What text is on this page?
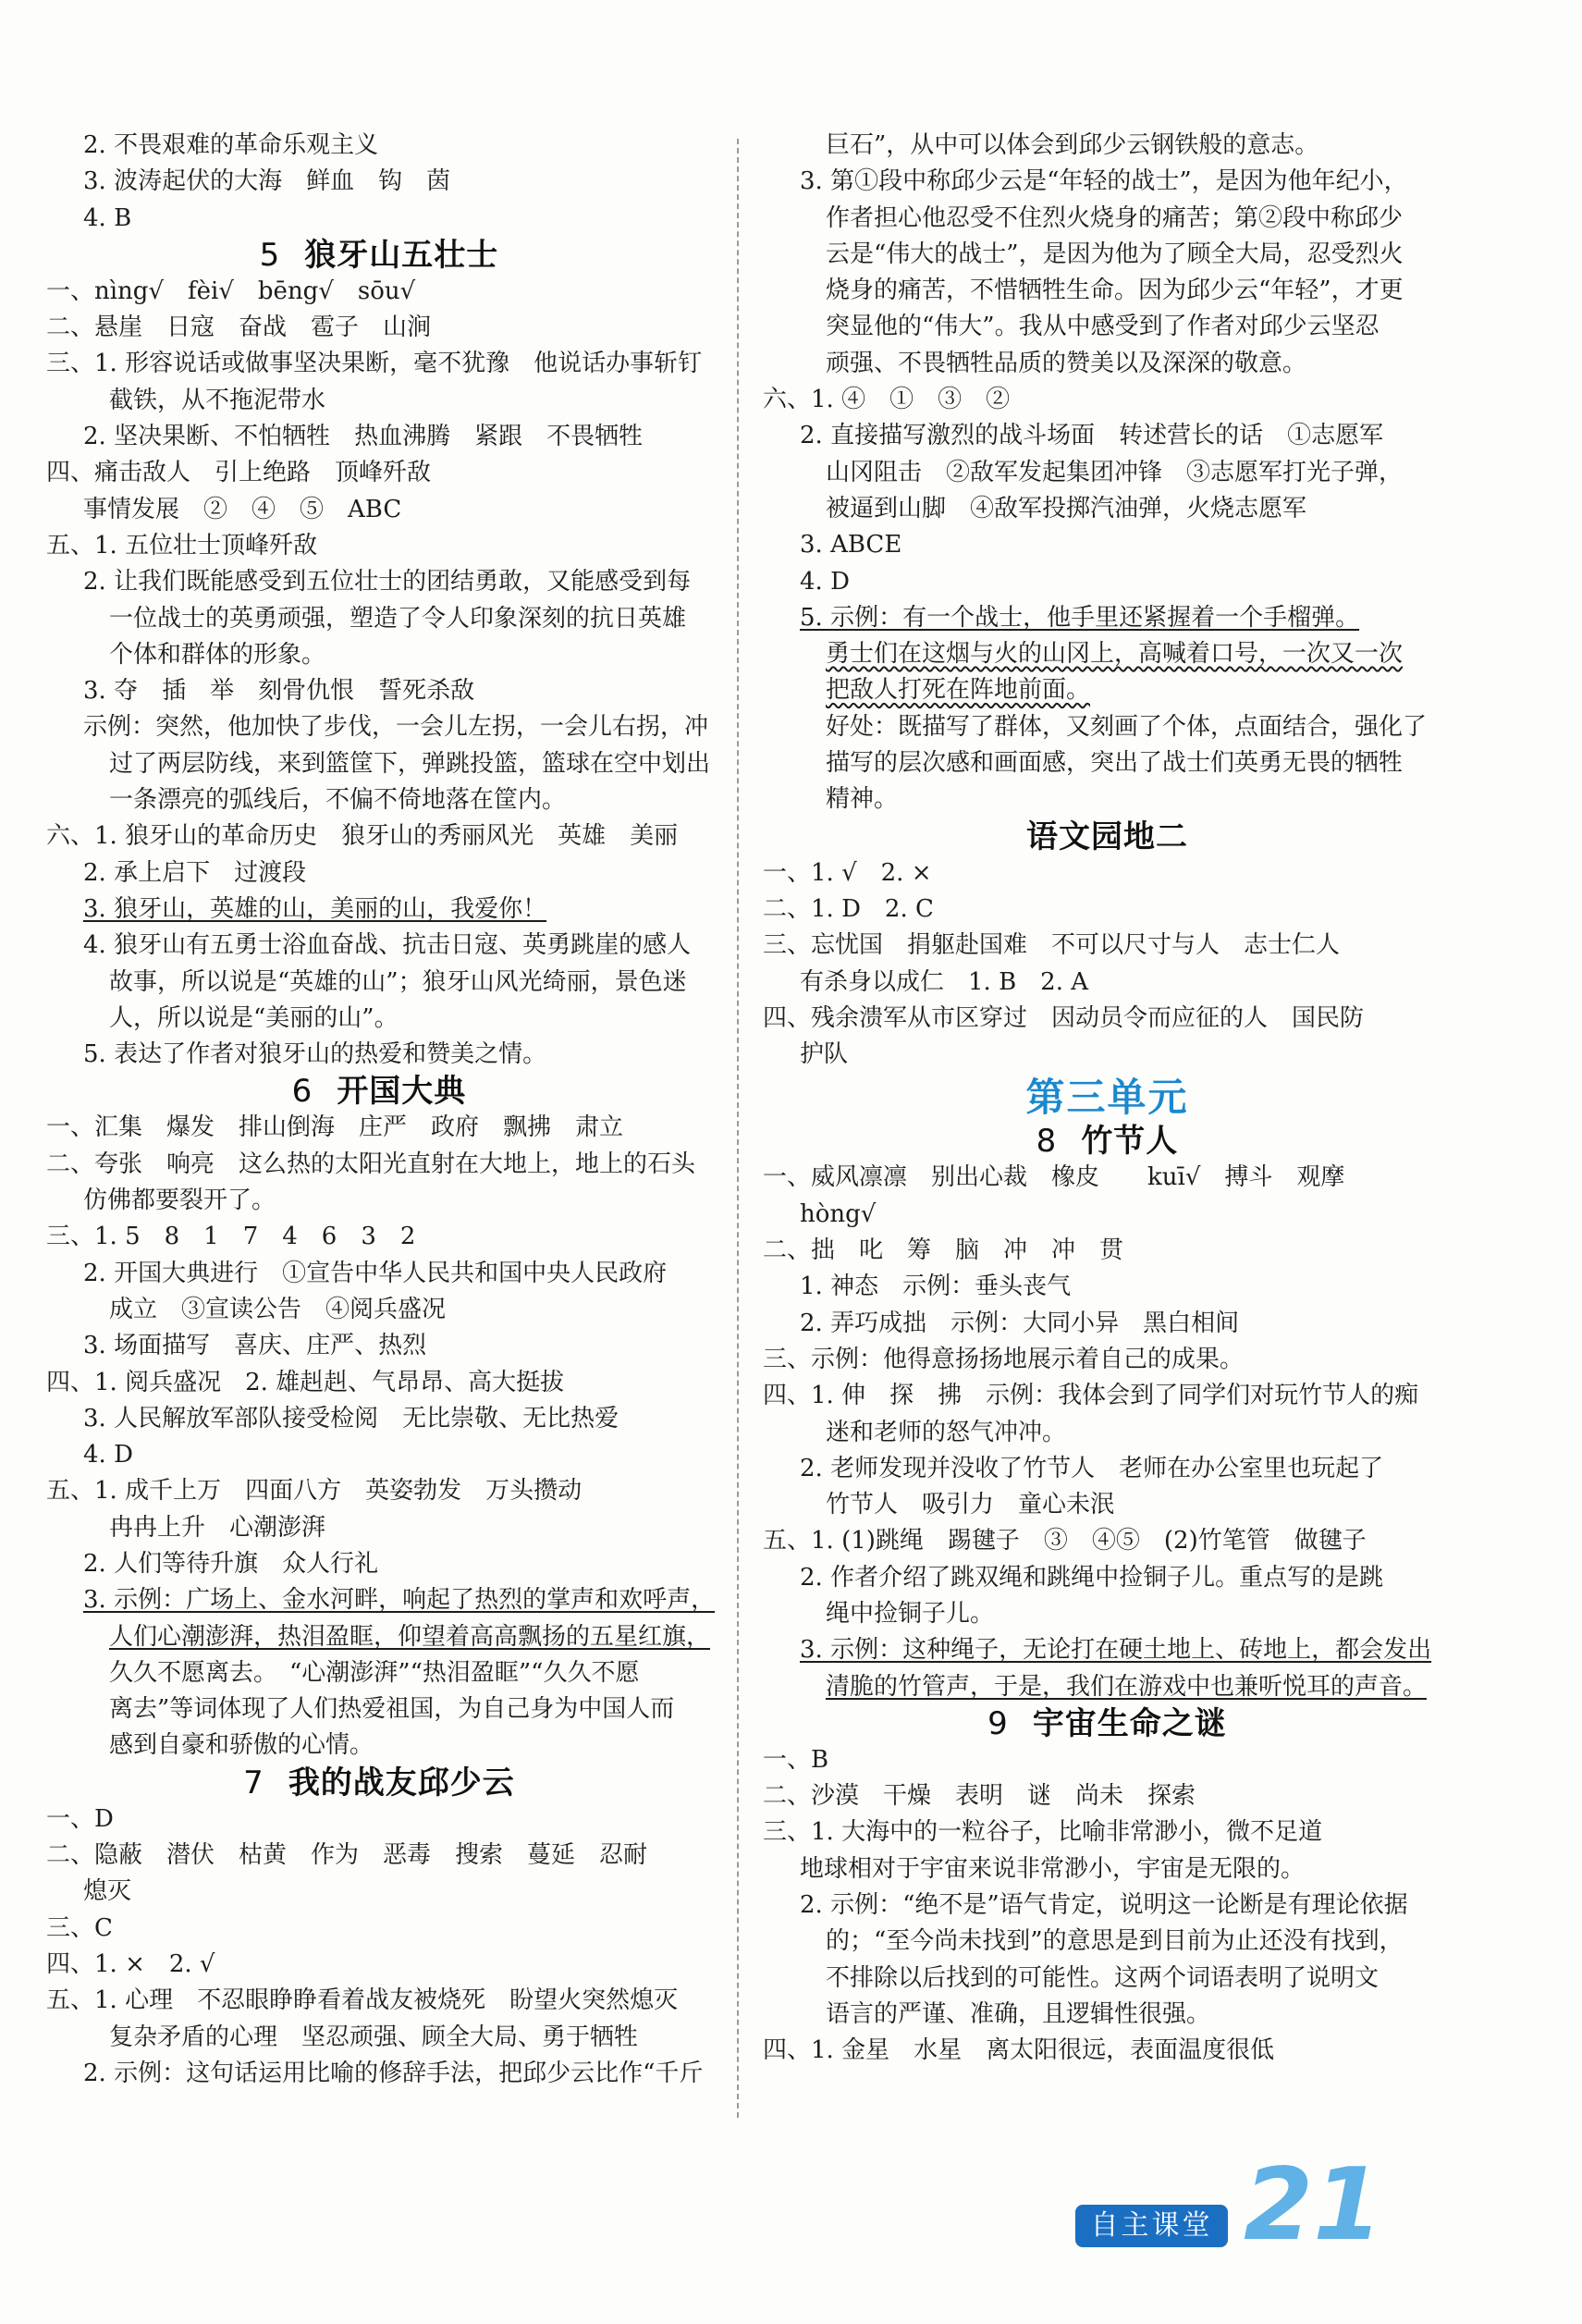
2. 不畏艰难的革命乐观主义
3. 波涛起伏的大海　鲜血　钩　茵
4. B
5 狼牙山五壮士
一、nìng√　fèi√　bēng√　sōu√
二、悬崖　日寇　奋战　雹子　山涧
三、1. 形容说话或做事坚决果断，毫不犹豫　他说话办事斩钉
截铁，从不拖泥带水
2. 坚决果断、不怕牺牲　热血沸腾　紧跟　不畏牺牲
四、痛击敌人　引上绝路　顶峰歼敌
事情发展　②　④　⑤　ABC
五、1. 五位壮士顶峰歼敌
2. 让我们既能感受到五位壮士的团结勇敢，又能感受到每
一位战士的英勇顽强，塑造了令人印象深刻的抗日英雄
个体和群体的形象。
3. 夺　插　举　刻骨仇恨　誓死杀敌
示例：突然，他加快了步伐，一会儿左拐，一会儿右拐，冲
过了两层防线，来到篮筐下，弹跳投篮，篮球在空中划出
一条漂亮的弧线后，不偏不倚地落在筐内。
六、1. 狼牙山的革命历史　狼牙山的秀丽风光　英雄　美丽
2. 承上启下　过渡段
3. 狼牙山，英雄的山，美丽的山，我爱你！
4. 狼牙山有五勇士浴血奋战、抗击日寇、英勇跳崖的感人
故事，所以说是“英雄的山”；狼牙山风光绮丽，景色迷
人，所以说是“美丽的山”。
5. 表达了作者对狼牙山的热爱和赞美之情。
6 开国大典
一、汇集　爆发　排山倒海　庄严　政府　飘拂　肃立
二、夸张　响亮　这么热的太阳光直射在大地上，地上的石头
仿佛都要裂开了。
三、1. 5　8　1　7　4　6　3　2
2. 开国大典进行　①宣告中华人民共和国中央人民政府
成立　③宣读公告　④阅兵盛况
3. 场面描写　喜庆、庄严、热烈
四、1. 阅兵盛况　2. 雄赳赳、气昂昂、高大挺拔
3. 人民解放军部队接受检阅　无比崇敬、无比热爱
4. D
五、1. 成千上万　四面八方　英姿勃发　万头攒动
冉冉上升　心潮澎湃
2. 人们等待升旗　众人行礼
3. 示例：广场上、金水河畔，响起了热烈的掌声和欢呼声，
人们心潮澎湃，热泪盈眶，仰望着高高飘扬的五星红旗，
久久不愿离去。　“心潮澎湃”“热泪盈眶”“久久不愿
离去”等词体现了人们热爱祖国，为自己身为中国人而
感到自豪和骄傲的心情。
7 我的战友邱少云
一、D
二、隐蔽　潜伏　枯黄　作为　恶毒　搜索　蔓延　忍耐
熄灭
三、C
四、1. ×　2. √
五、1. 心理　不忍眼睁睁看着战友被烧死　盼望火突然熄灭
复杂矛盾的心理　坚忍顽强、顾全大局、勇于牺牲
2. 示例：这句话运用比喻的修辞手法，把邱少云比作“千斤
巨石”，从中可以体会到邱少云钢铁般的意志。
3. 第①段中称邱少云是“年轻的战士”，是因为他年纪小，
作者担心他忍受不住烈火烧身的痛苦；第②段中称邱少
云是“伟大的战士”，是因为他为了顾全大局，忍受烈火
烧身的痛苦，不惜牺牲生命。因为邱少云“年轻”，才更
突显他的“伟大”。我从中感受到了作者对邱少云坚忍
顽强、不畏牺牲品质的赞美以及深深的敬意。
六、1. ④　①　③　②
2. 直接描写激烈的战斗场面　转述营长的话　①志愿军
山冈阻击　②敌军发起集团冲锋　③志愿军打光子弹，
被逼到山脚　④敌军投掷汽油弹，火烧志愿军
3. ABCE
4. D
5. 示例：有一个战士，他手里还紧握着一个手榴弹。
勇士们在这烟与火的山冈上，高喊着口号，一次又一次
把敌人打死在阵地前面。
好处：既描写了群体，又刻画了个体，点面结合，强化了
描写的层次感和画面感，突出了战士们英勇无畏的牺牲
精神。
语文园地二
一、1. √　2. ×
二、1. D　2. C
三、忘忧国　捐躯赴国难　不可以尺寸与人　志士仁人
有杀身以成仁　1. B　2. A
四、残余溃军从市区穿过　因动员令而应征的人　国民防
护队
第三单元
8 竹节人
一、威风凛凛　别出心裁　橡皮　　kuī√　搏斗　观摩
hòng√
二、拙　叱　筹　脑　冲　冲　贯
1. 神态　示例：垂头丧气
2. 弄巧成拙　示例：大同小异　黑白相间
三、示例：他得意扬扬地展示着自己的成果。
四、1. 伸　探　拂　示例：我体会到了同学们对玩竹节人的痴
迷和老师的怒气冲冲。
2. 老师发现并没收了竹节人　老师在办公室里也玩起了
竹节人　吸引力　童心未泯
五、1. (1)跳绳　踢毽子　③　④⑤　(2)竹笔管　做毽子
2. 作者介绍了跳双绳和跳绳中捡铜子儿。重点写的是跳
绳中捡铜子儿。
3. 示例：这种绳子，无论打在硬土地上、砖地上，都会发出
清脆的竹管声，于是，我们在游戏中也兼听悦耳的声音。
9 宇宙生命之谜
一、B
二、沙漠　干燥　表明　谜　尚未　探索
三、1. 大海中的一粒谷子，比喻非常渺小，微不足道
地球相对于宇宙来说非常渺小，宇宙是无限的。
2. 示例：“绝不是”语气肯定，说明这一论断是有理论依据
的；“至今尚未找到”的意思是到目前为止还没有找到，
不排除以后找到的可能性。这两个词语表明了说明文
语言的严谨、准确，且逻辑性很强。
四、1. 金星　水星　离太阳很远，表面温度很低
自主课堂 21
